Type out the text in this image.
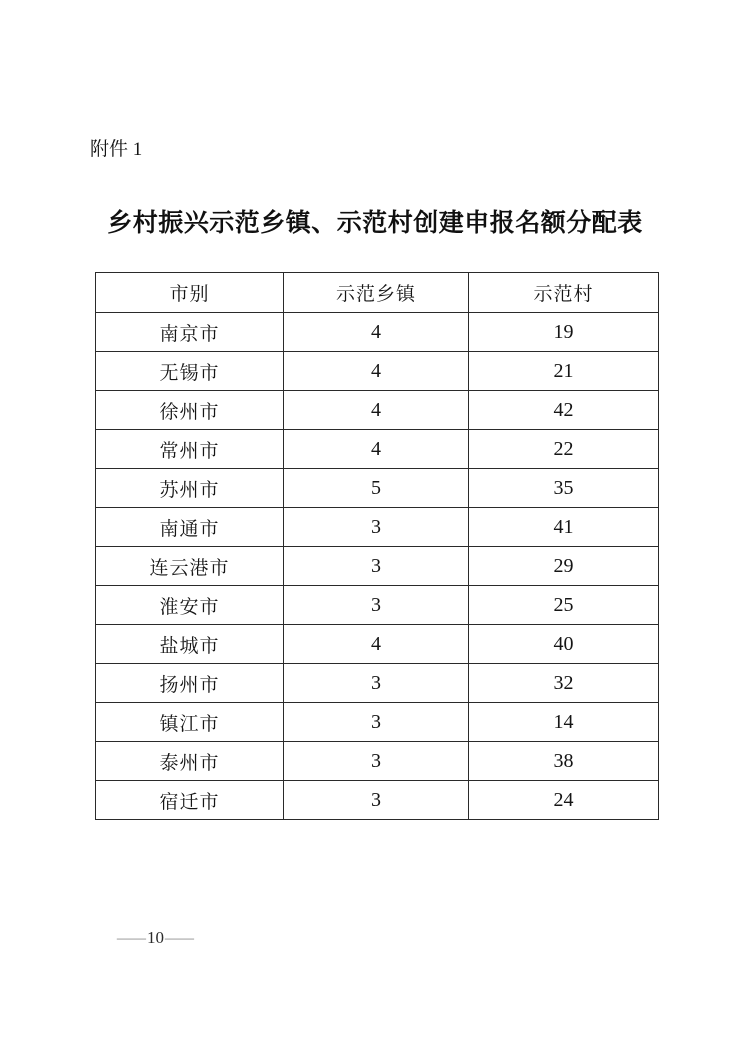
附件 1
乡村振兴示范乡镇、示范村创建申报名额分配表
市别	示范乡镇	示范村
南京市	4	19
无锡市	4	21
徐州市	4	42
常州市	4	22
苏州市	5	35
南通市	3	41
连云港市	3	29
淮安市	3	25
盐城市	4	40
扬州市	3	32
镇江市	3	14
泰州市	3	38
宿迁市	3	24
—10—
